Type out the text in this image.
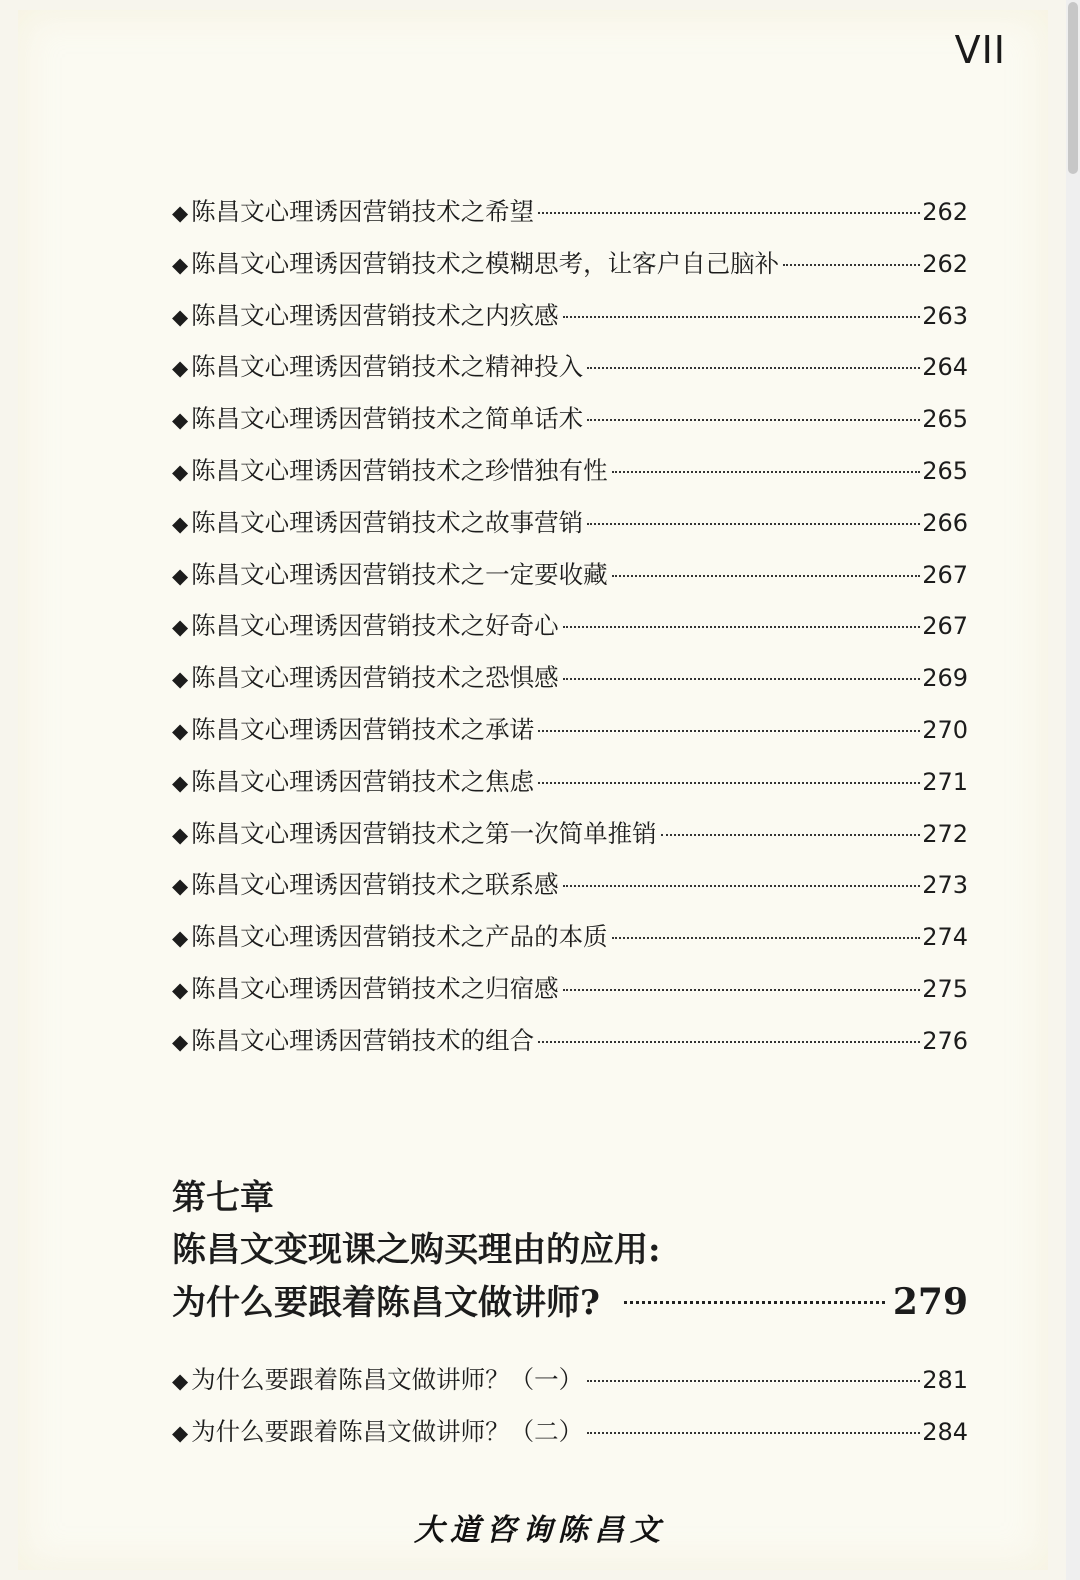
VII
◆ 陈昌文心理诱因营销技术之希望	262
◆ 陈昌文心理诱因营销技术之模糊思考，让客户自己脑补	262
◆ 陈昌文心理诱因营销技术之内疚感	263
◆ 陈昌文心理诱因营销技术之精神投入	264
◆ 陈昌文心理诱因营销技术之简单话术	265
◆ 陈昌文心理诱因营销技术之珍惜独有性	265
◆ 陈昌文心理诱因营销技术之故事营销	266
◆ 陈昌文心理诱因营销技术之一定要收藏	267
◆ 陈昌文心理诱因营销技术之好奇心	267
◆ 陈昌文心理诱因营销技术之恐惧感	269
◆ 陈昌文心理诱因营销技术之承诺	270
◆ 陈昌文心理诱因营销技术之焦虑	271
◆ 陈昌文心理诱因营销技术之第一次简单推销	272
◆ 陈昌文心理诱因营销技术之联系感	273
◆ 陈昌文心理诱因营销技术之产品的本质	274
◆ 陈昌文心理诱因营销技术之归宿感	275
◆ 陈昌文心理诱因营销技术的组合	276
第七章
陈昌文变现课之购买理由的应用:
为什么要跟着陈昌文做讲师?	279
◆ 为什么要跟着陈昌文做讲师？（一）	281
◆ 为什么要跟着陈昌文做讲师？（二）	284
大道咨询陈昌文
